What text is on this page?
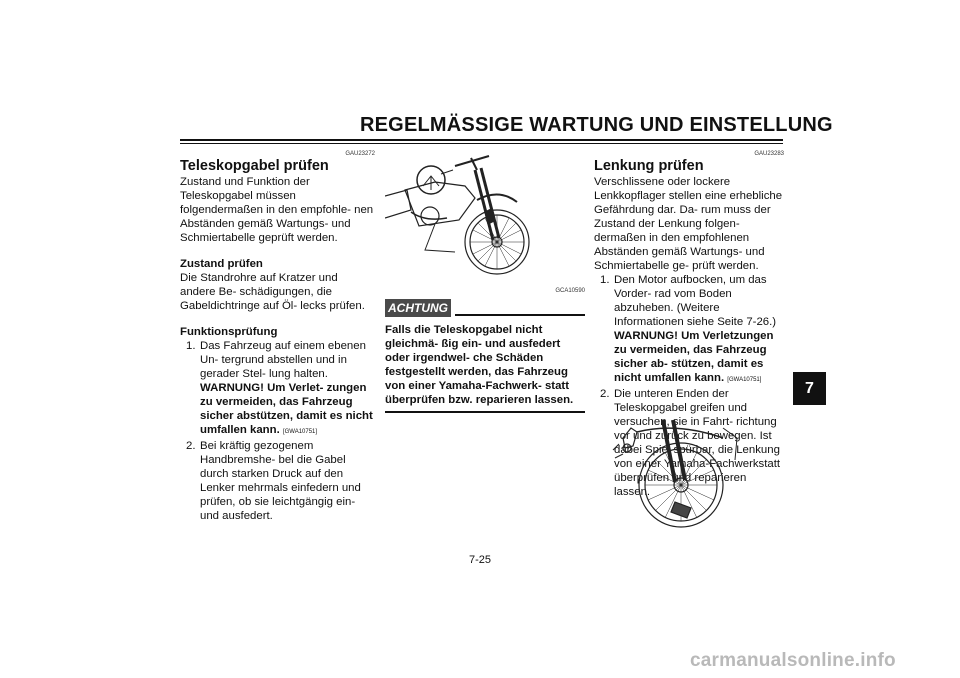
REGELMÄSSIGE WARTUNG UND EINSTELLUNG
GAU23272
Teleskopgabel prüfen

Zustand und Funktion der Teleskopgabel müssen folgendermaßen in den empfohle- nen Abständen gemäß Wartungs- und Schmiertabelle geprüft werden.

Zustand prüfen

Die Standrohre auf Kratzer und andere Be- schädigungen, die Gabeldichtringe auf Öl- lecks prüfen.

Funktionsprüfung
1. Das Fahrzeug auf einem ebenen Un- tergrund abstellen und in gerader Stel- lung halten. WARNUNG! Um Verlet- zungen zu vermeiden, das Fahrzeug sicher abstützen, damit es nicht umfallen kann. [GWA10751]
2. Bei kräftig gezogenem Handbremshe- bel die Gabel durch starken Druck auf den Lenker mehrmals einfedern und prüfen, ob sie leichtgängig ein- und ausfedert.
GCA10590
ACHTUNG

Falls die Teleskopgabel nicht gleichmä- ßig ein- und ausfedert oder irgendwel- che Schäden festgestellt werden, das Fahrzeug von einer Yamaha-Fachwerk- statt überprüfen bzw. reparieren lassen.

GAU23283
Lenkung prüfen

Verschlissene oder lockere Lenkkopflager stellen eine erhebliche Gefährdung dar. Da- rum muss der Zustand der Lenkung folgen- dermaßen in den empfohlenen Abständen gemäß Wartungs- und Schmiertabelle ge- prüft werden.

1. Den Motor aufbocken, um das Vorder- rad vom Boden abzuheben. (Weitere Informationen siehe Seite 7-26.) WARNUNG! Um Verletzungen zu vermeiden, das Fahrzeug sicher ab- stützen, damit es nicht umfallen kann. [GWA10751]
2. Die unteren Enden der Teleskopgabel greifen und versuchen, sie in Fahrt- richtung vor und zurück zu bewegen. Ist dabei Spiel spürbar, die Lenkung von einer Yamaha-Fachwerkstatt überprüfen und reparieren lassen.
7
7-25
carmanualsonline.info
